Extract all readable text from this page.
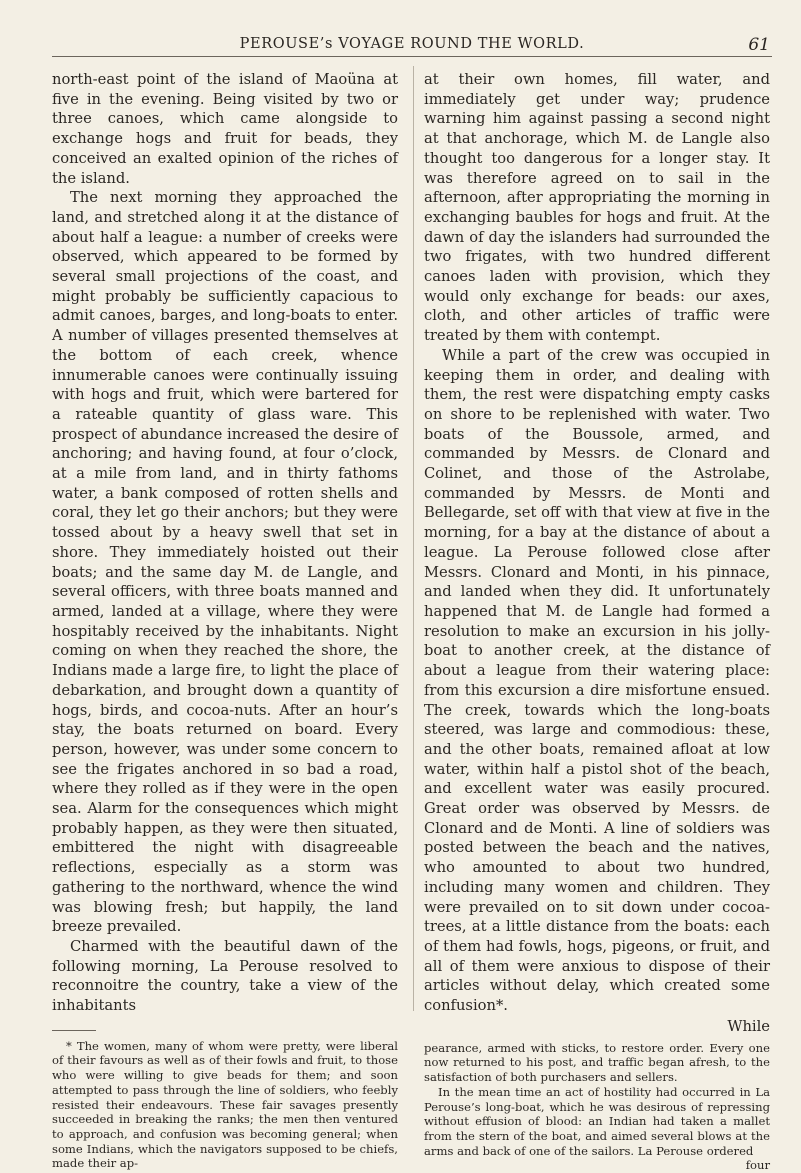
PEROUSE’s VOYAGE ROUND THE WORLD.	61

north-east point of the island of Maoüna at five in the evening. Being visited by two or three canoes, which came alongside to exchange hogs and fruit for beads, they conceived an exalted opinion of the riches of the island.

The next morning they approached the land, and stretched along it at the distance of about half a league: a number of creeks were observed, which appeared to be formed by several small projections of the coast, and might probably be sufficiently capacious to admit canoes, barges, and long-boats to enter. A number of villages presented themselves at the bottom of each creek, whence innumerable canoes were continually issuing with hogs and fruit, which were bartered for a rateable quantity of glass ware. This prospect of abundance increased the desire of anchoring; and having found, at four o’clock, at a mile from land, and in thirty fathoms water, a bank composed of rotten shells and coral, they let go their anchors; but they were tossed about by a heavy swell that set in shore. They immediately hoisted out their boats; and the same day M. de Langle, and several officers, with three boats manned and armed, landed at a village, where they were hospitably received by the inhabitants. Night coming on when they reached the shore, the Indians made a large fire, to light the place of debarkation, and brought down a quantity of hogs, birds, and cocoa-nuts. After an hour’s stay, the boats returned on board. Every person, however, was under some concern to see the frigates anchored in so bad a road, where they rolled as if they were in the open sea. Alarm for the consequences which might probably happen, as they were then situated, embittered the night with disagreeable reflections, especially as a storm was gathering to the northward, whence the wind was blowing fresh; but happily, the land breeze prevailed.

Charmed with the beautiful dawn of the following morning, La Perouse resolved to reconnoitre the country, take a view of the inhabitants

* The women, many of whom were pretty, were liberal of their favours as well as of their fowls and fruit, to those who were willing to give beads for them; and soon attempted to pass through the line of soldiers, who feebly resisted their endeavours. These fair savages presently succeeded in breaking the ranks; the men then ventured to approach, and confusion was becoming general; when some Indians, which the navigators supposed to be chiefs, made their ap-

at their own homes, fill water, and immediately get under way; prudence warning him against passing a second night at that anchorage, which M. de Langle also thought too dangerous for a longer stay. It was therefore agreed on to sail in the afternoon, after appropriating the morning in exchanging baubles for hogs and fruit. At the dawn of day the islanders had surrounded the two frigates, with two hundred different canoes laden with provision, which they would only exchange for beads: our axes, cloth, and other articles of traffic were treated by them with contempt.

While a part of the crew was occupied in keeping them in order, and dealing with them, the rest were dispatching empty casks on shore to be replenished with water. Two boats of the Boussole, armed, and commanded by Messrs. de Clonard and Colinet, and those of the Astrolabe, commanded by Messrs. de Monti and Bellegarde, set off with that view at five in the morning, for a bay at the distance of about a league. La Perouse followed close after Messrs. Clonard and Monti, in his pinnace, and landed when they did. It unfortunately happened that M. de Langle had formed a resolution to make an excursion in his jolly-boat to another creek, at the distance of about a league from their watering place: from this excursion a dire misfortune ensued. The creek, towards which the long-boats steered, was large and commodious: these, and the other boats, remained afloat at low water, within half a pistol shot of the beach, and excellent water was easily procured. Great order was observed by Messrs. de Clonard and de Monti. A line of soldiers was posted between the beach and the natives, who amounted to about two hundred, including many women and children. They were prevailed on to sit down under cocoa-trees, at a little distance from the boats: each of them had fowls, hogs, pigeons, or fruit, and all of them were anxious to dispose of their articles without delay, which created some confusion*.

While

pearance, armed with sticks, to restore order. Every one now returned to his post, and traffic began afresh, to the satisfaction of both purchasers and sellers.

In the mean time an act of hostility had occurred in La Perouse’s long-boat, which he was desirous of repressing without effusion of blood: an Indian had taken a mallet from the stern of the boat, and aimed several blows at the arms and back of one of the sailors. La Perouse ordered

four
